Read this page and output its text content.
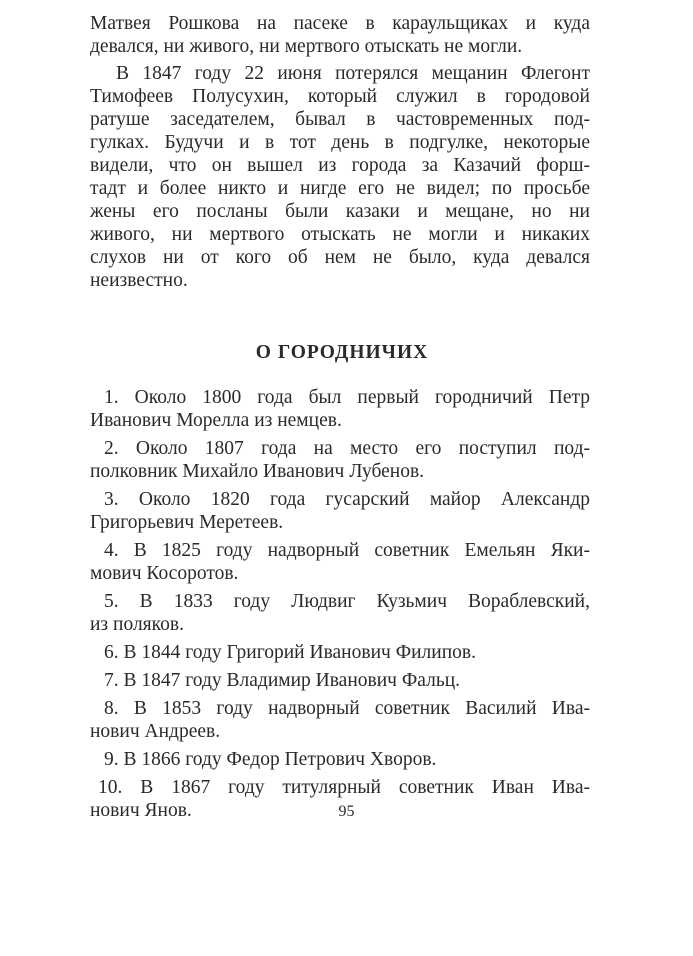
Матвея Рошкова на пасеке в караульщиках и куда
девался, ни живого, ни мертвого отыскать не могли.

В 1847 году 22 июня потерялся мещанин Флегонт
Тимофеев Полусухин, который служил в городовой
ратуше заседателем, бывал в частовременных под-
гулках. Будучи и в тот день в подгулке, некоторые
видели, что он вышел из города за Казачий форш-
тадт и более никто и нигде его не видел; по просьбе
жены его посланы были казаки и мещане, но ни
живого, ни мертвого отыскать не могли и никаких
слухов ни от кого об нем не было, куда девался
неизвестно.

О ГОРОДНИЧИХ

1. Около 1800 года был первый городничий Петр
Иванович Морелла из немцев.

2. Около 1807 года на место его поступил под-
полковник Михайло Иванович Лубенов.

3. Около 1820 года гусарский майор Александр
Григорьевич Меретеев.

4. В 1825 году надворный советник Емельян Яки-
мович Косоротов.

5. В 1833 году Людвиг Кузьмич Вораблевский,
из поляков.

6. В 1844 году Григорий Иванович Филипов.

7. В 1847 году Владимир Иванович Фальц.

8. В 1853 году надворный советник Василий Ива-
нович Андреев.

9. В 1866 году Федор Петрович Хворов.

10. В 1867 году титулярный советник Иван Ива-
нович Янов.	95
